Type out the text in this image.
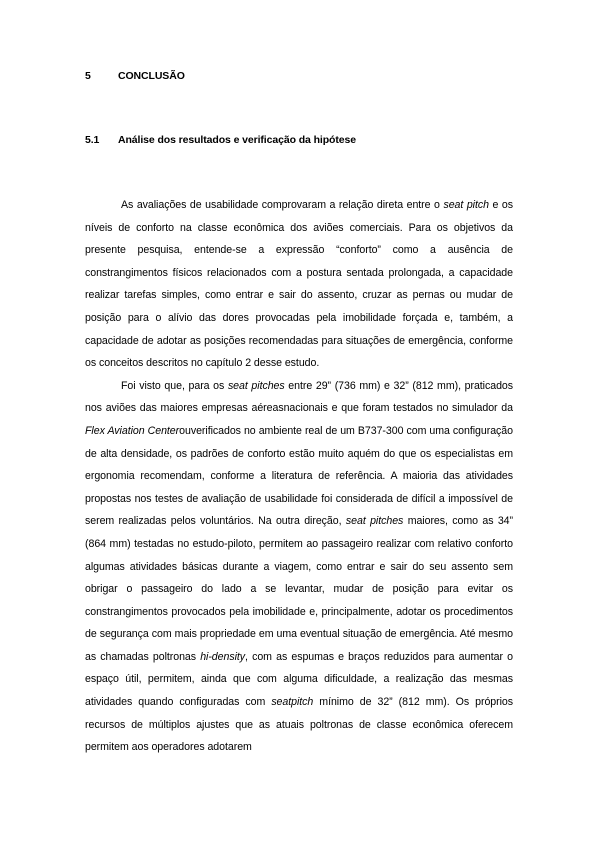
5	CONCLUSÃO
5.1 Análise dos resultados e verificação da hipótese

As avaliações de usabilidade comprovaram a relação direta entre o seat pitch e os níveis de conforto na classe econômica dos aviões comerciais. Para os objetivos da presente pesquisa, entende-se a expressão “conforto” como a ausência de constrangimentos físicos relacionados com a postura sentada prolongada, a capacidade realizar tarefas simples, como entrar e sair do assento, cruzar as pernas ou mudar de posição para o alívio das dores provocadas pela imobilidade forçada e, também, a capacidade de adotar as posições recomendadas para situações de emergência, conforme os conceitos descritos no capítulo 2 desse estudo.

Foi visto que, para os seat pitches entre 29” (736 mm) e 32” (812 mm), praticados nos aviões das maiores empresas aéreasnacionais e que foram testados no simulador da Flex Aviation Centerouverificados no ambiente real de um B737-300 com uma configuração de alta densidade, os padrões de conforto estão muito aquém do que os especialistas em ergonomia recomendam, conforme a literatura de referência. A maioria das atividades propostas nos testes de avaliação de usabilidade foi considerada de difícil a impossível de serem realizadas pelos voluntários. Na outra direção, seat pitches maiores, como as 34” (864 mm) testadas no estudo-piloto, permitem ao passageiro realizar com relativo conforto algumas atividades básicas durante a viagem, como entrar e sair do seu assento sem obrigar o passageiro do lado a se levantar, mudar de posição para evitar os constrangimentos provocados pela imobilidade e, principalmente, adotar os procedimentos de segurança com mais propriedade em uma eventual situação de emergência. Até mesmo as chamadas poltronas hi-density, com as espumas e braços reduzidos para aumentar o espaço útil, permitem, ainda que com alguma dificuldade, a realização das mesmas atividades quando configuradas com seatpitch mínimo de 32” (812 mm). Os próprios recursos de múltiplos ajustes que as atuais poltronas de classe econômica oferecem permitem aos operadores adotarem
